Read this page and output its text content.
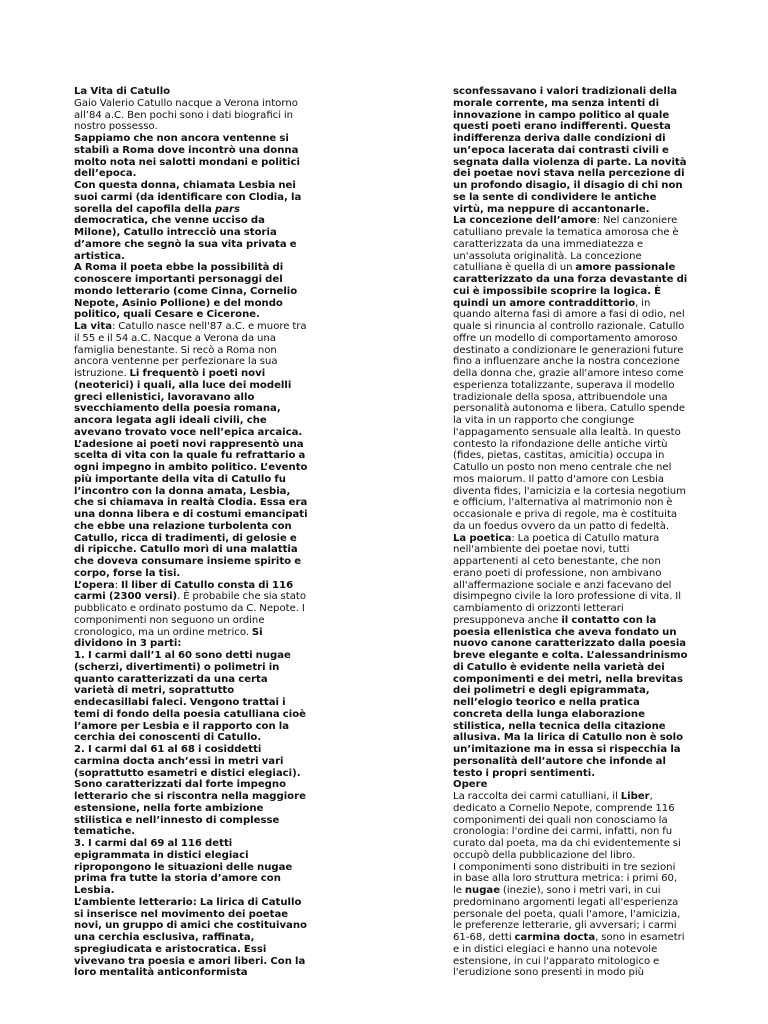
La Vita di Catullo
Gaio Valerio Catullo nacque a Verona intorno
all’84 a.C. Ben pochi sono i dati biografici in
nostro possesso.
Sappiamo che non ancora ventenne si
stabilì a Roma dove incontrò una donna
molto nota nei salotti mondani e politici
dell’epoca.
Con questa donna, chiamata Lesbia nei
suoi carmi (da identificare con Clodia, la
sorella del capofila della pars
democratica, che venne ucciso da
Milone), Catullo intrecciò una storia
d’amore che segnò la sua vita privata e
artistica.
A Roma il poeta ebbe la possibilità di
conoscere importanti personaggi del
mondo letterario (come Cinna, Cornelio
Nepote, Asinio Pollione) e del mondo
politico, quali Cesare e Cicerone.
La vita: Catullo nasce nell'87 a.C. e muore tra
il 55 e il 54 a.C. Nacque a Verona da una
famiglia benestante. Si recò a Roma non
ancora ventenne per perfezionare la sua
istruzione. Li frequentò i poeti novi
(neoterici) i quali, alla luce dei modelli
greci ellenistici, lavoravano allo
svecchiamento della poesia romana,
ancora legata agli ideali civili, che
avevano trovato voce nell’epica arcaica.
L’adesione ai poeti novi rappresentò una
scelta di vita con la quale fu refrattario a
ogni impegno in ambito politico. L’evento
più importante della vita di Catullo fu
l’incontro con la donna amata, Lesbia,
che si chiamava in realtà Clodia. Essa era
una donna libera e di costumi emancipati
che ebbe una relazione turbolenta con
Catullo, ricca di tradimenti, di gelosie e
di ripicche. Catullo morì di una malattia
che doveva consumare insieme spirito e
corpo, forse la tisi.
L’opera: Il liber di Catullo consta di 116
carmi (2300 versi). È probabile che sia stato
pubblicato e ordinato postumo da C. Nepote. I
componimenti non seguono un ordine
cronologico, ma un ordine metrico. Si
dividono in 3 parti:
1. I carmi dall’1 al 60 sono detti nugae
(scherzi, divertimenti) o polimetri in
quanto caratterizzati da una certa
varietà di metri, soprattutto
endecasillabi faleci. Vengono trattai i
temi di fondo della poesia catulliana cioè
l’amore per Lesbia e il rapporto con la
cerchia dei conoscenti di Catullo.
2. I carmi dal 61 al 68 i cosiddetti
carmina docta anch’essi in metri vari
(soprattutto esametri e distici elegiaci).
Sono caratterizzati dal forte impegno
letterario che si riscontra nella maggiore
estensione, nella forte ambizione
stilistica e nell’innesto di complesse
tematiche.
3. I carmi dal 69 al 116 detti
epigrammata in distici elegiaci
ripropongono le situazioni delle nugae
prima fra tutte la storia d’amore con
Lesbia.
L’ambiente letterario: La lirica di Catullo
si inserisce nel movimento dei poetae
novi, un gruppo di amici che costituivano
una cerchia esclusiva, raffinata,
spregiudicata e aristocratica. Essi
vivevano tra poesia e amori liberi. Con la
loro mentalità anticonformista
sconfessavano i valori tradizionali della
morale corrente, ma senza intenti di
innovazione in campo politico al quale
questi poeti erano indifferenti. Questa
indifferenza deriva dalle condizioni di
un’epoca lacerata dai contrasti civili e
segnata dalla violenza di parte. La novità
dei poetae novi stava nella percezione di
un profondo disagio, il disagio di chi non
se la sente di condividere le antiche
virtù, ma neppure di accantonarle.
La concezione dell’amore: Nel canzoniere
catulliano prevale la tematica amorosa che è
caratterizzata da una immediatezza e
un'assoluta originalità. La concezione
catulliana è quella di un amore passionale
caratterizzato da una forza devastante di
cui è impossibile scoprire la logica. È
quindi un amore contraddittorio, in
quando alterna fasi di amore a fasi di odio, nel
quale si rinuncia al controllo razionale. Catullo
offre un modello di comportamento amoroso
destinato a condizionare le generazioni future
fino a influenzare anche la nostra concezione
della donna che, grazie all'amore inteso come
esperienza totalizzante, superava il modello
tradizionale della sposa, attribuendole una
personalità autonoma e libera. Catullo spende
la vita in un rapporto che congiunge
l'appagamento sensuale alla lealtà. In questo
contesto la rifondazione delle antiche virtù
(fides, pietas, castitas, amicitia) occupa in
Catullo un posto non meno centrale che nel
mos maiorum. Il patto d'amore con Lesbia
diventa fides, l'amicizia e la cortesia negotium
e officium, l'alternativa al matrimonio non è
occasionale e priva di regole, ma è costituita
da un foedus ovvero da un patto di fedeltà.
La poetica: La poetica di Catullo matura
nell'ambiente dei poetae novi, tutti
appartenenti al ceto benestante, che non
erano poeti di professione, non ambivano
all'affermazione sociale e anzi facevano del
disimpegno civile la loro professione di vita. Il
cambiamento di orizzonti letterari
presupponeva anche il contatto con la
poesia ellenistica che aveva fondato un
nuovo canone caratterizzato dalla poesia
breve elegante e colta. L’alessandrinismo
di Catullo è evidente nella varietà dei
componimenti e dei metri, nella brevitas
dei polimetri e degli epigrammata,
nell’elogio teorico e nella pratica
concreta della lunga elaborazione
stilistica, nella tecnica della citazione
allusiva. Ma la lirica di Catullo non è solo
un’imitazione ma in essa si rispecchia la
personalità dell’autore che infonde al
testo i propri sentimenti.
Opere
La raccolta dei carmi catulliani, il Liber,
dedicato a Cornelio Nepote, comprende 116
componimenti dei quali non conosciamo la
cronologia: l'ordine dei carmi, infatti, non fu
curato dal poeta, ma da chi evidentemente si
occupò della pubblicazione del libro.
I componimenti sono distribuiti in tre sezioni
in base alla loro struttura metrica: i primi 60,
le nugae (inezie), sono i metri vari, in cui
predominano argomenti legati all'esperienza
personale del poeta, quali l'amore, l'amicizia,
le preferenze letterarie, gli avversari; i carmi
61-68, detti carmina docta, sono in esametri
e in distici elegiaci e hanno una notevole
estensione, in cui l'apparato mitologico e
l'erudizione sono presenti in modo più
